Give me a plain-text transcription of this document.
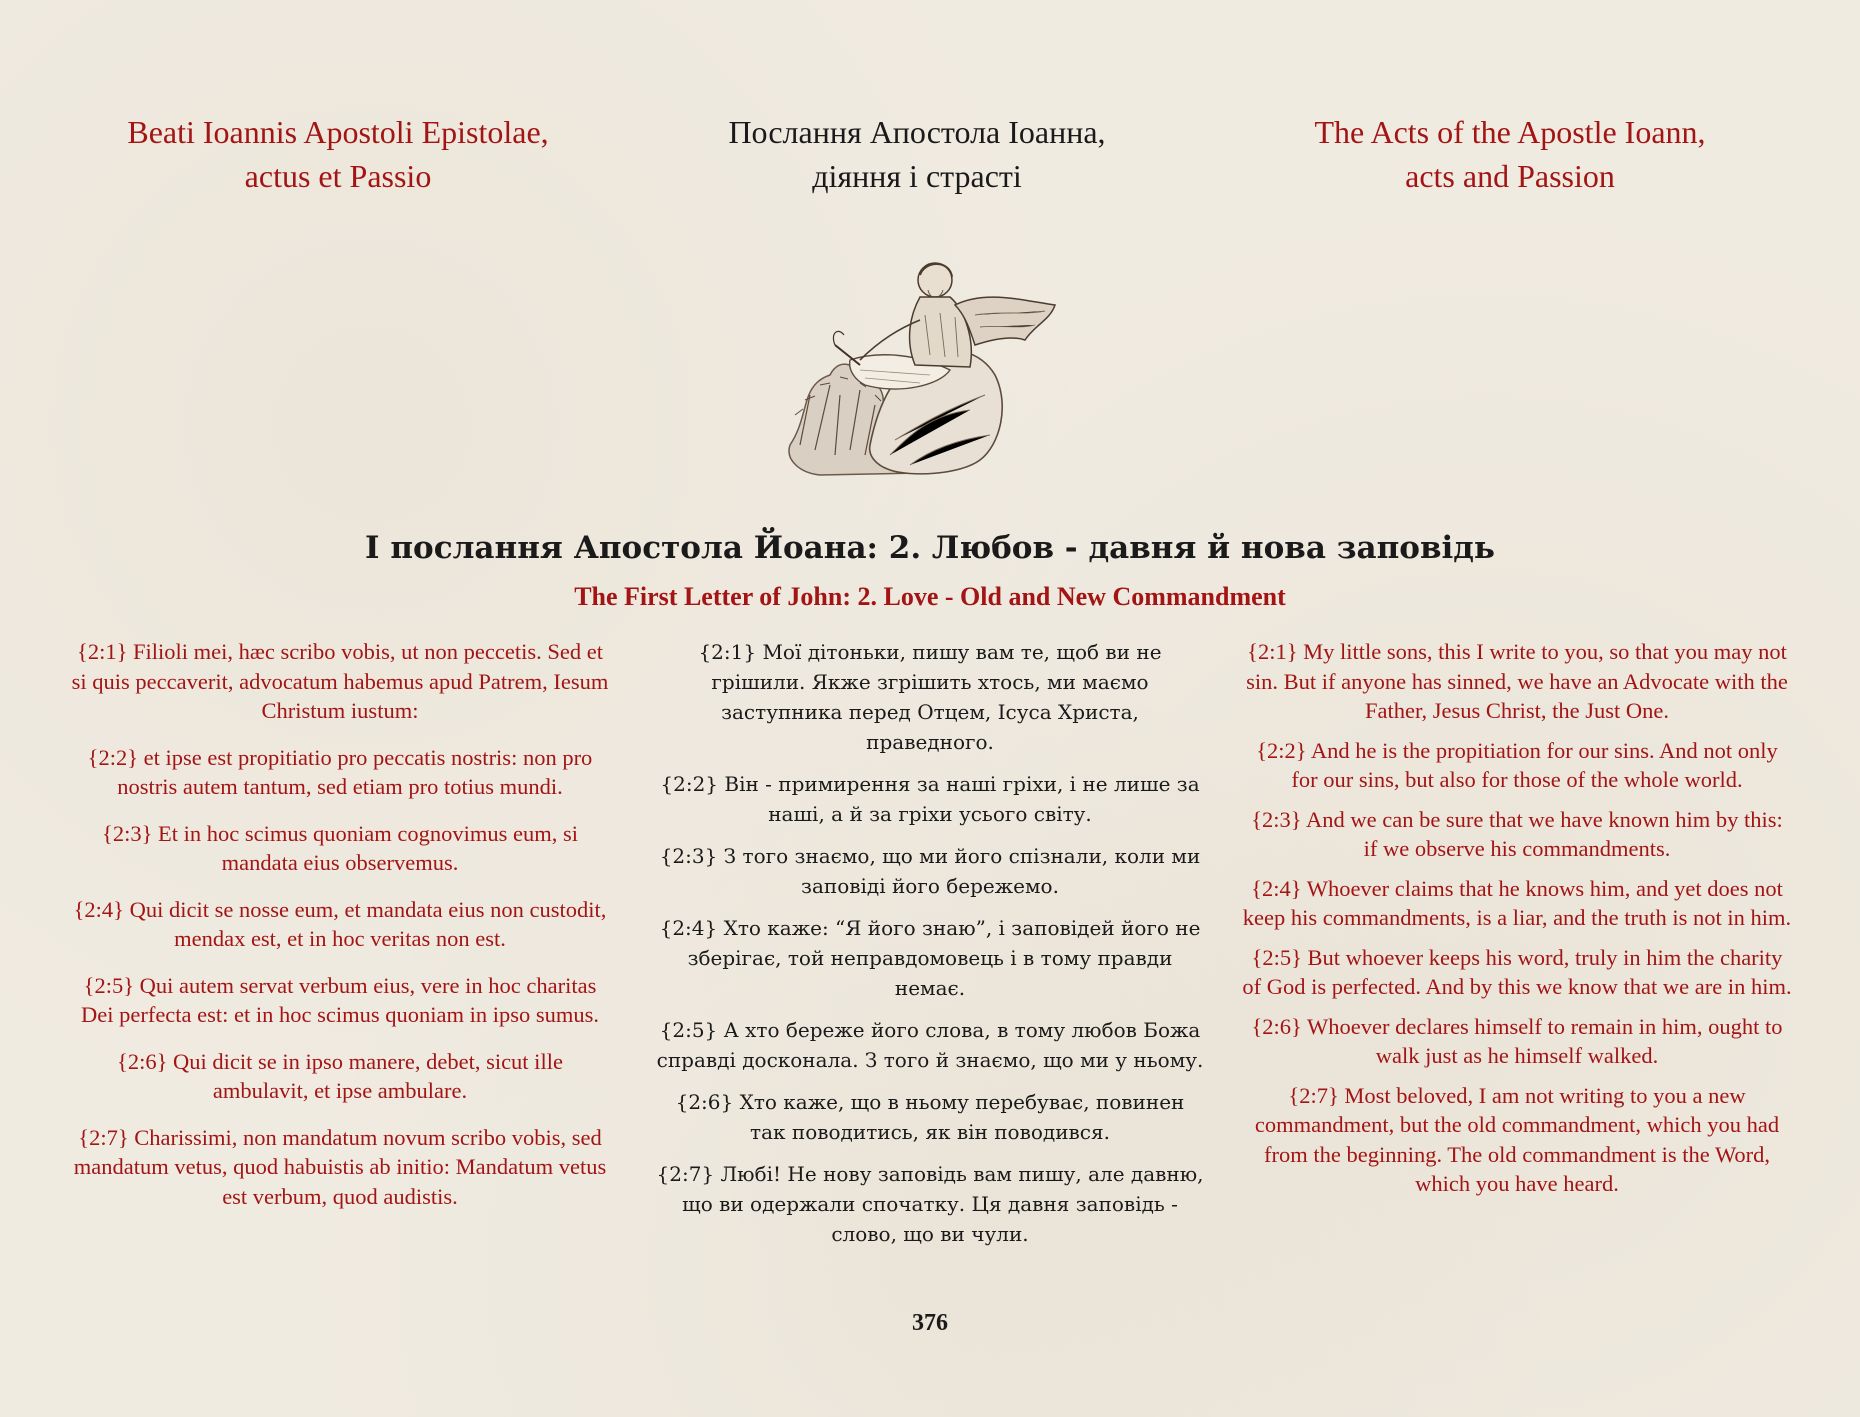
Beati Ioannis Apostoli Epistolae,
actus et Passio
Послання Апостола Іоанна,
діяння і страсті
The Acts of the Apostle Ioann,
acts and Passion
І послання Апостола Йоана: 2. Любов - давня й нова заповідь
The First Letter of John: 2. Love - Old and New Commandment

{2:1} Filioli mei, hæc scribo vobis, ut non peccetis. Sed et si quis peccaverit, advocatum habemus apud Patrem, Iesum Christum iustum:

{2:2} et ipse est propitiatio pro peccatis nostris: non pro nostris autem tantum, sed etiam pro totius mundi.

{2:3} Et in hoc scimus quoniam cognovimus eum, si mandata eius observemus.

{2:4} Qui dicit se nosse eum, et mandata eius non custodit, mendax est, et in hoc veritas non est.

{2:5} Qui autem servat verbum eius, vere in hoc charitas Dei perfecta est: et in hoc scimus quoniam in ipso sumus.

{2:6} Qui dicit se in ipso manere, debet, sicut ille ambulavit, et ipse ambulare.

{2:7} Charissimi, non mandatum novum scribo vobis, sed mandatum vetus, quod habuistis ab initio: Mandatum vetus est verbum, quod audistis.

{2:1} Мої дітоньки, пишу вам те, щоб ви не грішили. Якже згрішить хтось, ми маємо заступника перед Отцем, Ісуса Христа, праведного.

{2:2} Він - примирення за наші гріхи, і не лише за наші, а й за гріхи усього світу.

{2:3} З того знаємо, що ми його спізнали, коли ми заповіді його бережемо.

{2:4} Хто каже: “Я його знаю”, і заповідей його не зберігає, той неправдомовець і в тому правди немає.

{2:5} А хто береже його слова, в тому любов Божа справді досконала. З того й знаємо, що ми у ньому.

{2:6} Хто каже, що в ньому перебуває, повинен так поводитись, як він поводився.

{2:7} Любі! Не нову заповідь вам пишу, але давню, що ви одержали спочатку. Ця давня заповідь - слово, що ви чули.

{2:1} My little sons, this I write to you, so that you may not sin. But if anyone has sinned, we have an Advocate with the Father, Jesus Christ, the Just One.

{2:2} And he is the propitiation for our sins. And not only for our sins, but also for those of the whole world.

{2:3} And we can be sure that we have known him by this: if we observe his commandments.

{2:4} Whoever claims that he knows him, and yet does not keep his commandments, is a liar, and the truth is not in him.

{2:5} But whoever keeps his word, truly in him the charity of God is perfected. And by this we know that we are in him.

{2:6} Whoever declares himself to remain in him, ought to walk just as he himself walked.

{2:7} Most beloved, I am not writing to you a new commandment, but the old commandment, which you had from the beginning. The old commandment is the Word, which you have heard.

376
